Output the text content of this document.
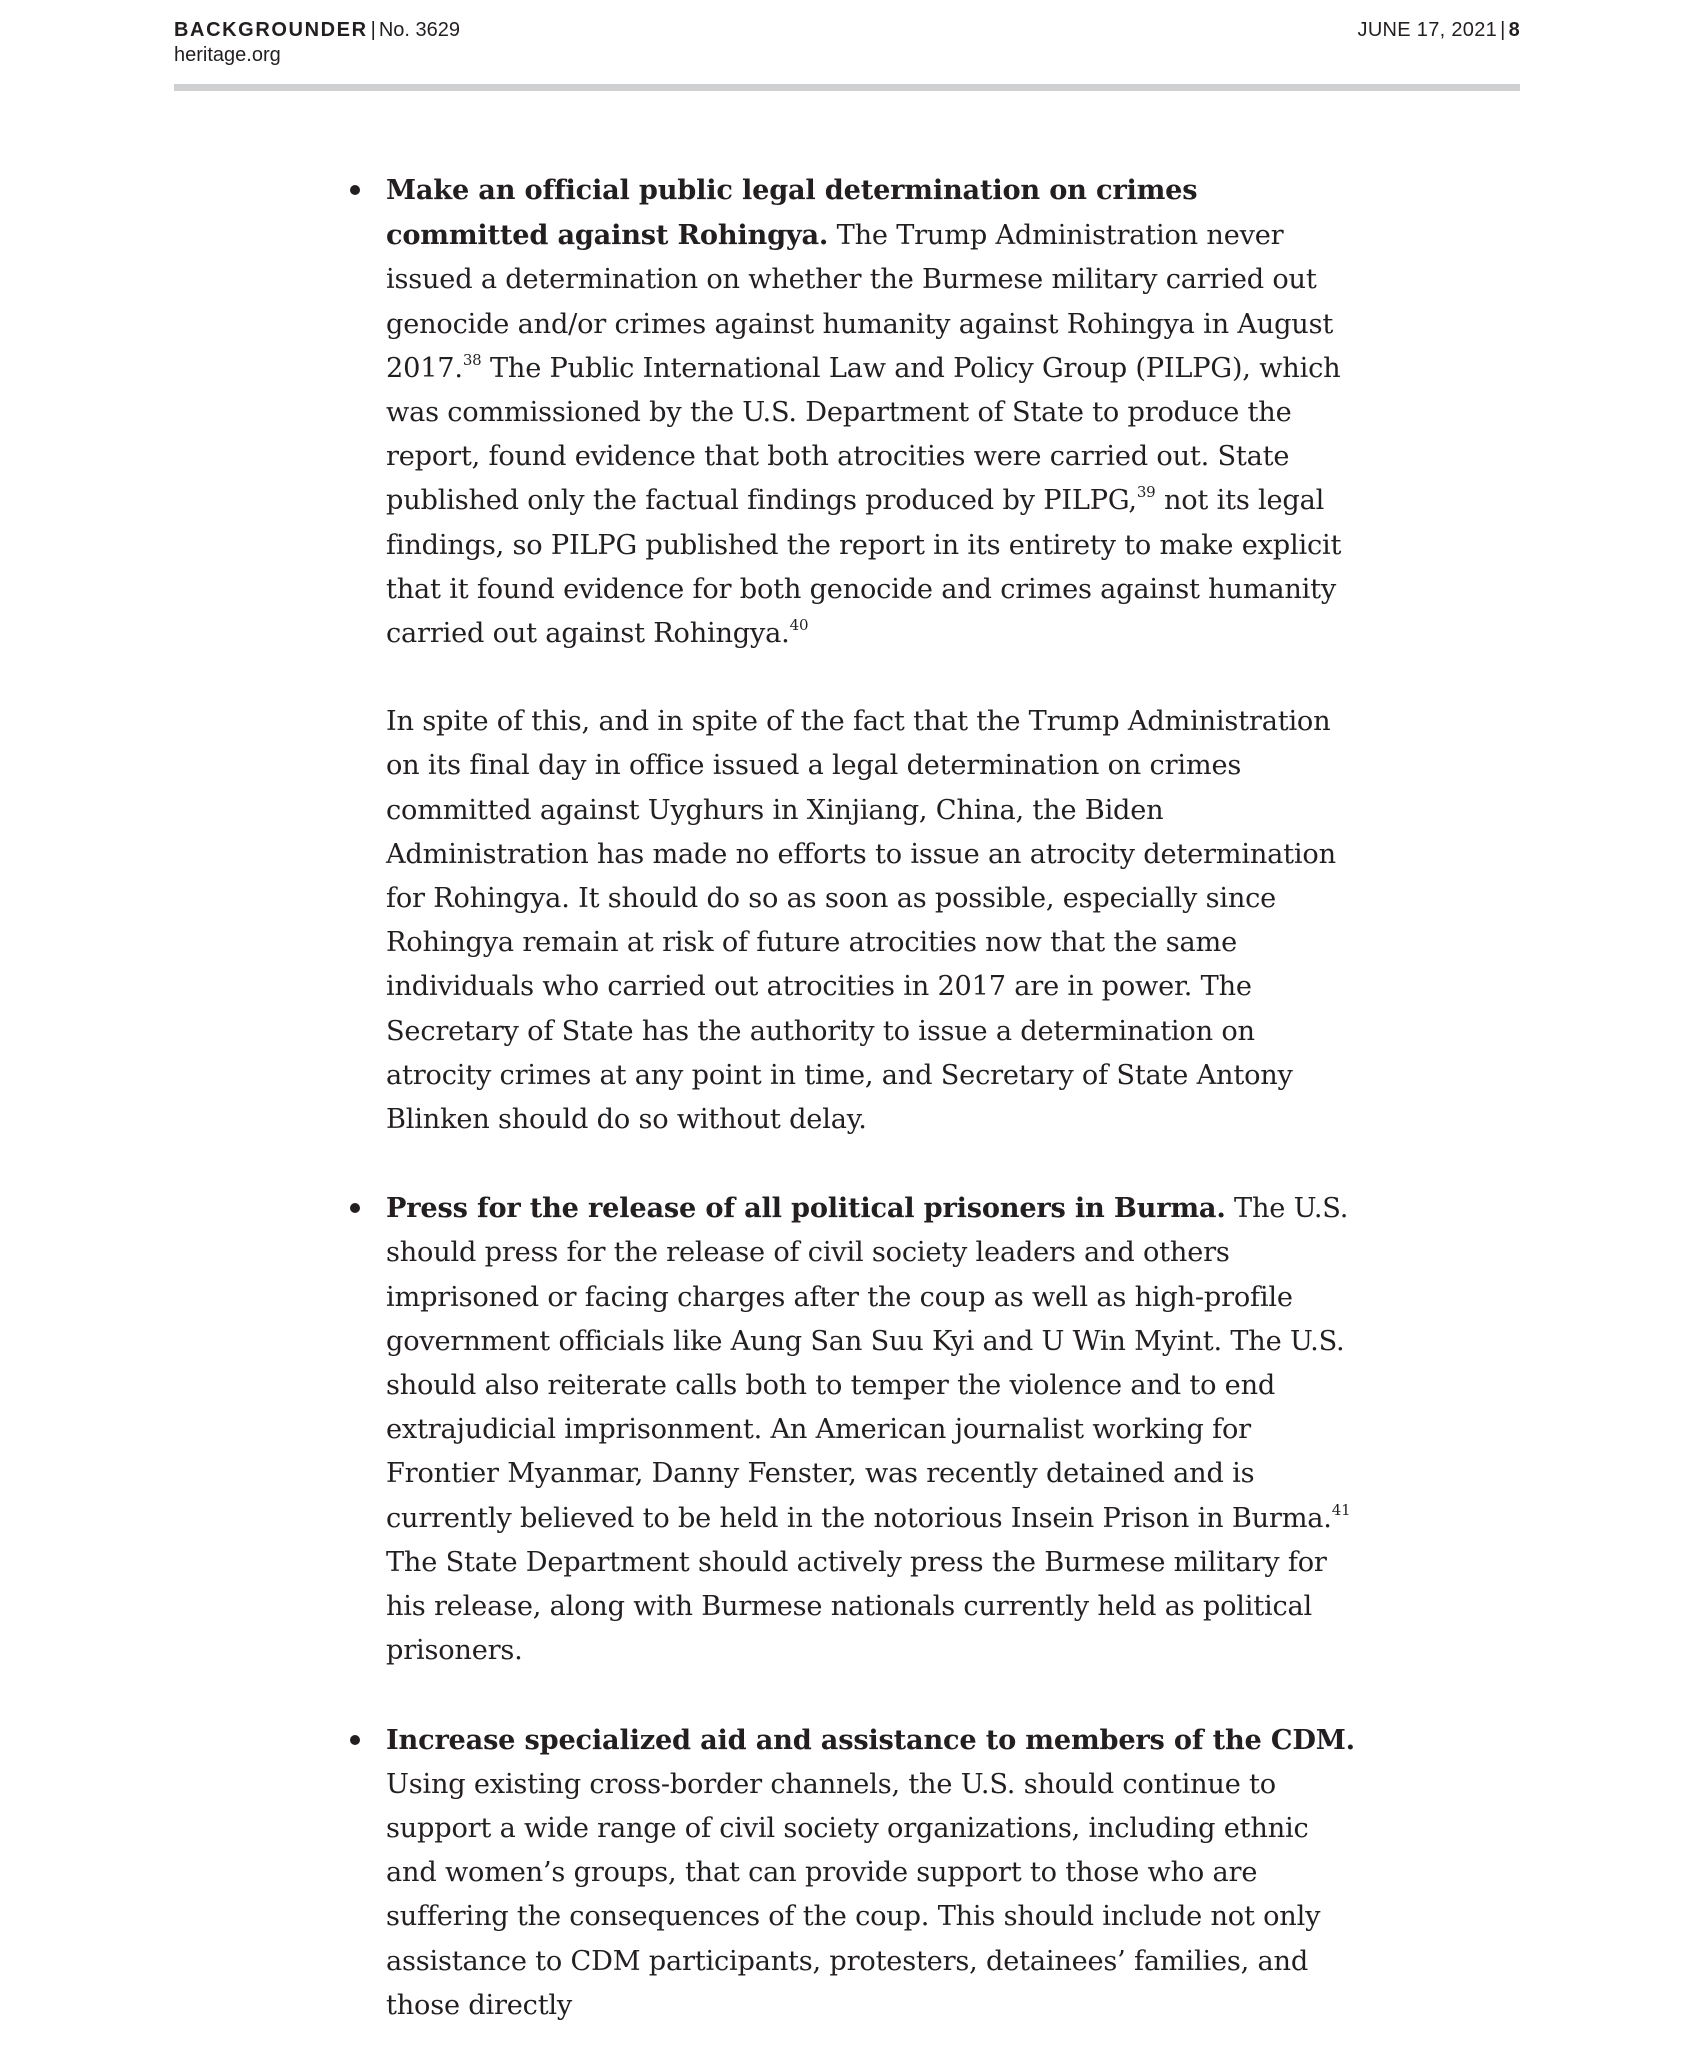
BACKGROUNDER | No. 3629
heritage.org
JUNE 17, 2021 | 8

Make an official public legal determination on crimes committed against Rohingya. The Trump Administration never issued a determination on whether the Burmese military carried out genocide and/or crimes against humanity against Rohingya in August 2017.38 The Public International Law and Policy Group (PILPG), which was commissioned by the U.S. Department of State to produce the report, found evidence that both atrocities were carried out. State published only the factual findings produced by PILPG,$^{39}$ not its legal findings, so PILPG published the report in its entirety to make explicit that it found evidence for both genocide and crimes against humanity carried out against Rohingya.$^{40}$

In spite of this, and in spite of the fact that the Trump Administration on its final day in office issued a legal determination on crimes committed against Uyghurs in Xinjiang, China, the Biden Administration has made no efforts to issue an atrocity determination for Rohingya. It should do so as soon as possible, especially since Rohingya remain at risk of future atrocities now that the same individuals who carried out atrocities in 2017 are in power. The Secretary of State has the authority to issue a determination on atrocity crimes at any point in time, and Secretary of State Antony Blinken should do so without delay.

Press for the release of all political prisoners in Burma. The U.S. should press for the release of civil society leaders and others imprisoned or facing charges after the coup as well as high-profile government officials like Aung San Suu Kyi and U Win Myint. The U.S. should also reiterate calls both to temper the violence and to end extrajudicial imprisonment. An American journalist working for Frontier Myanmar, Danny Fenster, was recently detained and is currently believed to be held in the notorious Insein Prison in Burma.$^{41}$ The State Department should actively press the Burmese military for his release, along with Burmese nationals currently held as political prisoners.

Increase specialized aid and assistance to members of the CDM. Using existing cross-border channels, the U.S. should continue to support a wide range of civil society organizations, including ethnic and women’s groups, that can provide support to those who are suffering the consequences of the coup. This should include not only assistance to CDM participants, protesters, detainees’ families, and those directly
